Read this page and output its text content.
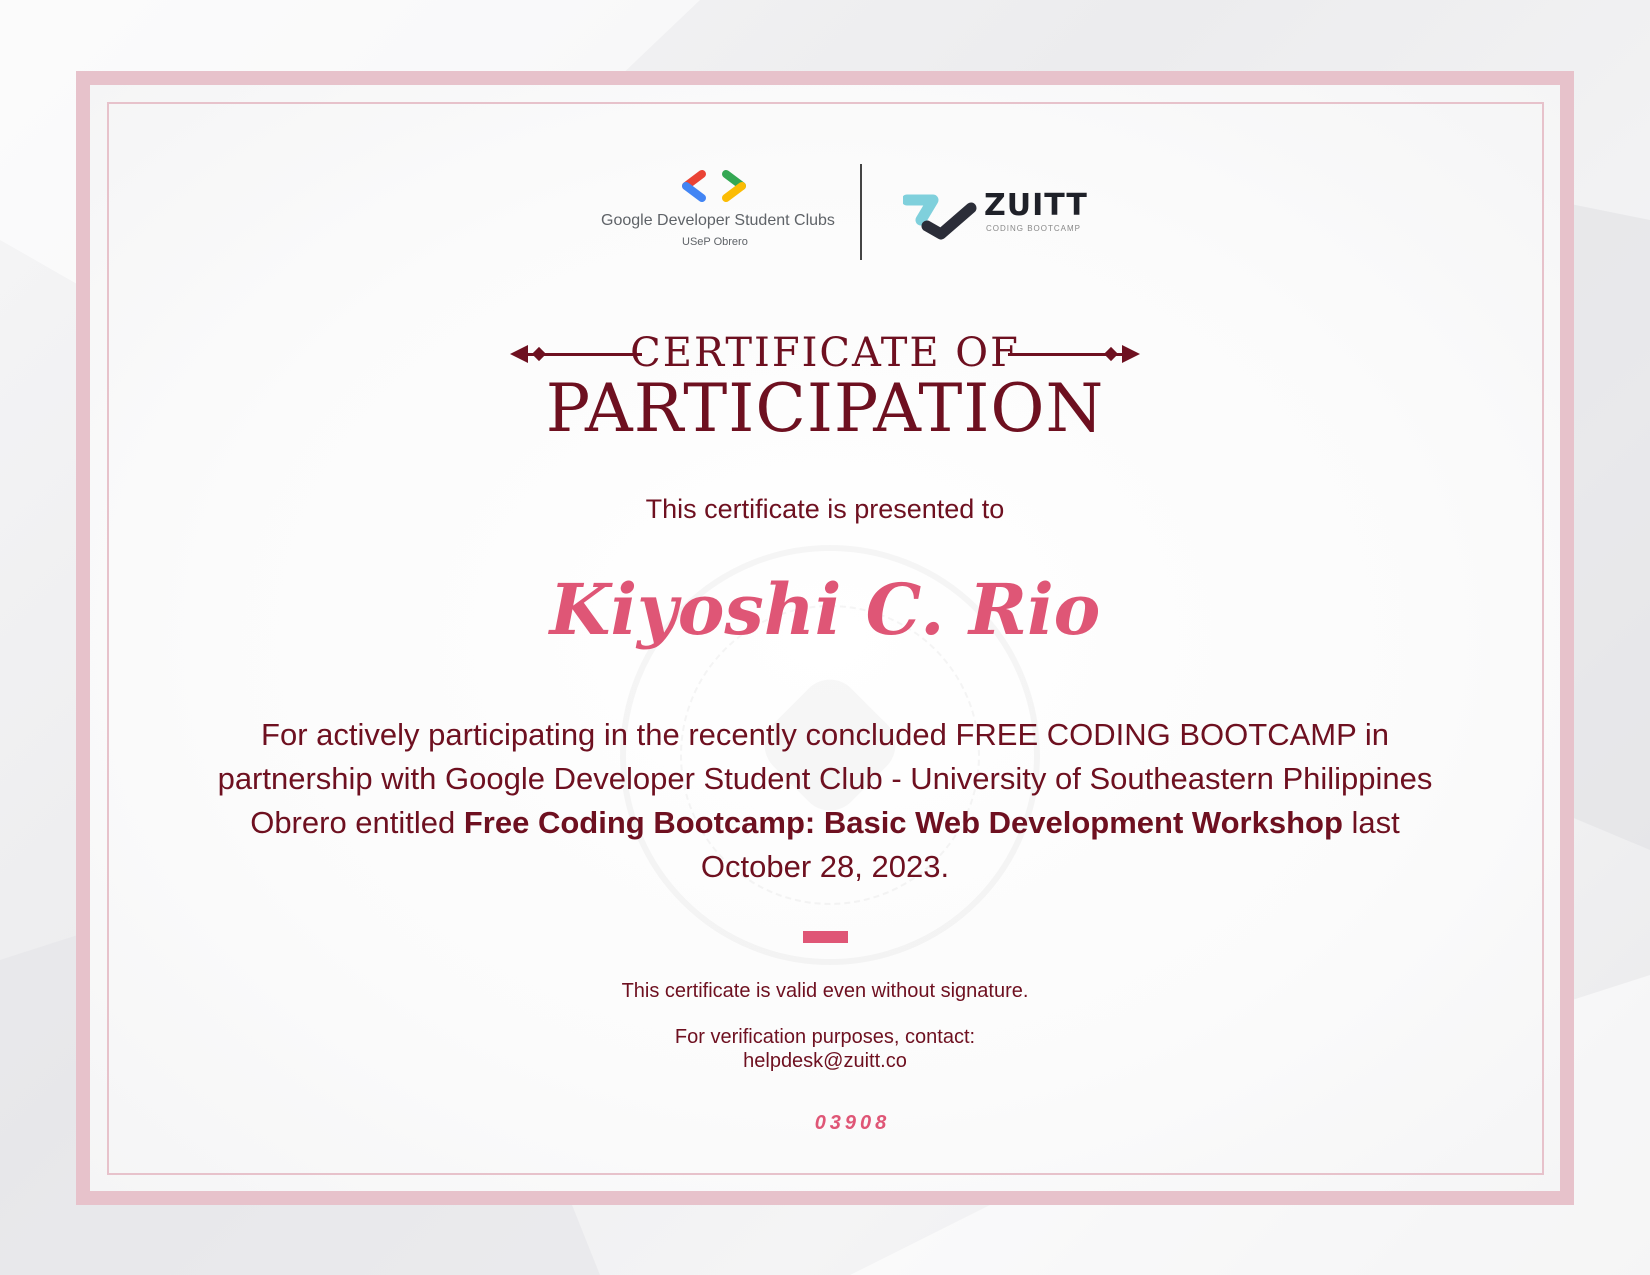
Google Developer Student Clubs
USeP Obrero
ZUITT
CODING BOOTCAMP
CERTIFICATE OF
PARTICIPATION
This certificate is presented to
Kiyoshi C. Rio
For actively participating in the recently concluded FREE CODING BOOTCAMP in partnership with Google Developer Student Club - University of Southeastern Philippines Obrero entitled Free Coding Bootcamp: Basic Web Development Workshop last October 28, 2023.
This certificate is valid even without signature.
For verification purposes, contact:
helpdesk@zuitt.co
03908
